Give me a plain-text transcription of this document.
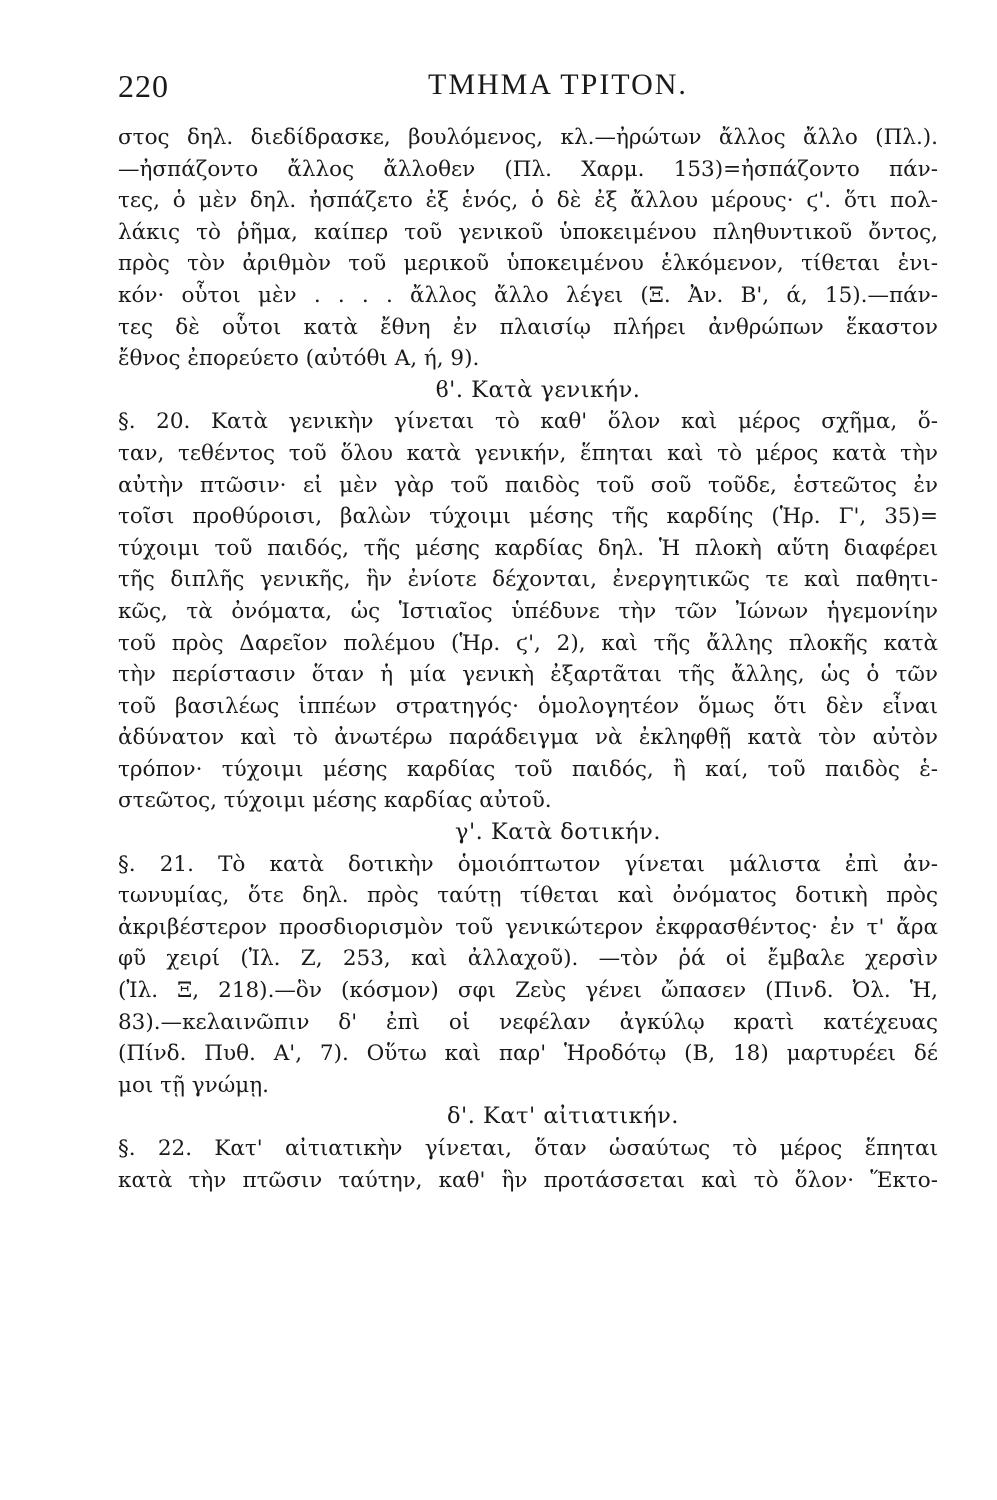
220	ΤΜΗΜΑ ΤΡΙΤΟΝ.
στος δηλ. διεδίδρασκε, βουλόμενος, κλ.—ἠρώτων ἄλλος ἄλλο (Πλ.).
—ἠσπάζοντο ἄλλος ἄλλοθεν (Πλ. Χαρμ. 153)=ἠσπάζοντο πάν-
τες, ὁ μὲν δηλ. ἠσπάζετο ἐξ ἑνός, ὁ δὲ ἐξ ἄλλου μέρους· ϛ'. ὅτι πολ-
λάκις τὸ ῥῆμα, καίπερ τοῦ γενικοῦ ὑποκειμένου πληθυντικοῦ ὄντος,
πρὸς τὸν ἀριθμὸν τοῦ μερικοῦ ὑποκειμένου ἑλκόμενον, τίθεται ἑνι-
κόν· οὗτοι μὲν . . . . ἄλλος ἄλλο λέγει (Ξ. Ἀν. Β', ά, 15).—πάν-
τες δὲ οὗτοι κατὰ ἔθνη ἐν πλαισίῳ πλήρει ἀνθρώπων ἕκαστον
ἔθνος ἐπορεύετο (αὐτόθι Α, ή, 9).
ϐ'. Κατὰ γενικήν.
§. 20. Κατὰ γενικὴν γίνεται τὸ καθ' ὅλον καὶ μέρος σχῆμα, ὅ-
ταν, τεθέντος τοῦ ὅλου κατὰ γενικήν, ἕπηται καὶ τὸ μέρος κατὰ τὴν
αὐτὴν πτῶσιν· εἰ μὲν γὰρ τοῦ παιδὸς τοῦ σοῦ τοῦδε, ἑστεῶτος ἐν
τοῖσι προθύροισι, βαλὼν τύχοιμι μέσης τῆς καρδίης (Ἡρ. Γ', 35)=
τύχοιμι τοῦ παιδός, τῆς μέσης καρδίας δηλ. Ἡ πλοκὴ αὕτη διαφέρει
τῆς διπλῆς γενικῆς, ἣν ἐνίοτε δέχονται, ἐνεργητικῶς τε καὶ παθητι-
κῶς, τὰ ὀνόματα, ὡς Ἱστιαῖος ὑπέδυνε τὴν τῶν Ἰώνων ἡγεμονίην
τοῦ πρὸς Δαρεῖον πολέμου (Ἡρ. ϛ', 2), καὶ τῆς ἄλλης πλοκῆς κατὰ
τὴν περίστασιν ὅταν ἡ μία γενικὴ ἐξαρτᾶται τῆς ἄλλης, ὡς ὁ τῶν
τοῦ βασιλέως ἱππέων στρατηγός· ὁμολογητέον ὅμως ὅτι δὲν εἶναι
ἀδύνατον καὶ τὸ ἀνωτέρω παράδειγμα νὰ ἐκληφθῇ κατὰ τὸν αὐτὸν
τρόπον· τύχοιμι μέσης καρδίας τοῦ παιδός, ἢ καί, τοῦ παιδὸς ἑ-
στεῶτος, τύχοιμι μέσης καρδίας αὐτοῦ.
γ'. Κατὰ δοτικήν.
§. 21. Τὸ κατὰ δοτικὴν ὁμοιόπτωτον γίνεται μάλιστα ἐπὶ ἀν-
τωνυμίας, ὅτε δηλ. πρὸς ταύτῃ τίθεται καὶ ὀνόματος δοτικὴ πρὸς
ἀκριβέστερον προσδιορισμὸν τοῦ γενικώτερον ἐκφρασθέντος· ἐν τ' ἄρα
φῦ χειρί (Ἰλ. Ζ, 253, καὶ ἀλλαχοῦ). —τὸν ῥά οἱ ἔμβαλε χερσὶν
(Ἰλ. Ξ, 218).—ὃν (κόσμον) σφι Ζεὺς γένει ὤπασεν (Πινδ. Ὀλ. Ἡ,
83).—κελαινῶπιν δ' ἐπὶ οἱ νεφέλαν ἀγκύλῳ κρατὶ κατέχευας
(Πίνδ. Πυθ. Α', 7). Οὕτω καὶ παρ' Ἡροδότῳ (Β, 18) μαρτυρέει δέ
μοι τῇ γνώμῃ.
δ'. Κατ' αἰτιατικήν.
§. 22. Κατ' αἰτιατικὴν γίνεται, ὅταν ὡσαύτως τὸ μέρος ἕπηται
κατὰ τὴν πτῶσιν ταύτην, καθ' ἣν προτάσσεται καὶ τὸ ὅλον· Ἕκτο-
